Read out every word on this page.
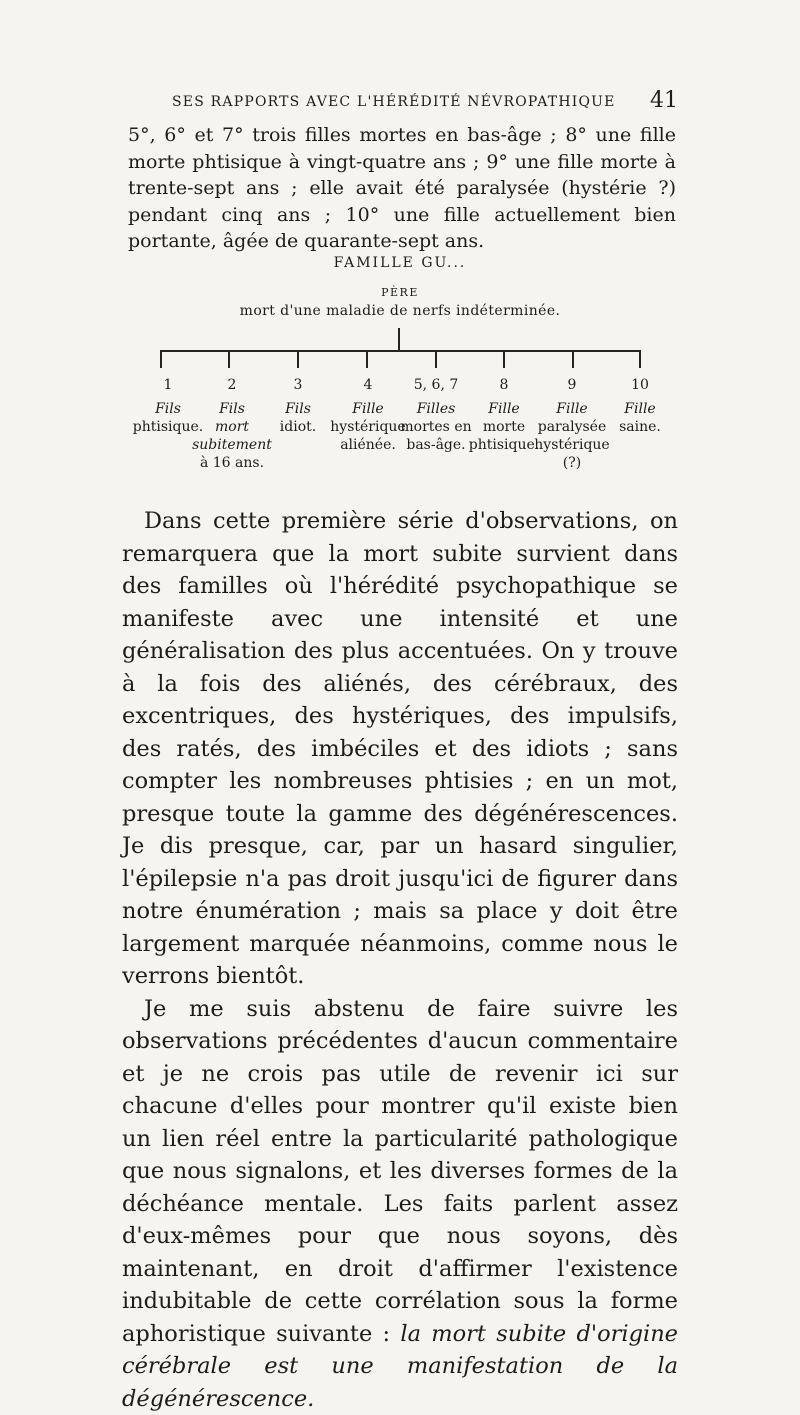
SES RAPPORTS AVEC L'HÉRÉDITÉ NÉVROPATHIQUE	41
5°, 6° et 7° trois filles mortes en bas-âge ; 8° une fille morte phtisique à vingt-quatre ans ; 9° une fille morte à trente-sept ans ; elle avait été paralysée (hystérie ?) pendant cinq ans ; 10° une fille actuellement bien portante, âgée de quarante-sept ans.
FAMILLE GU...
PÈRE
mort d'une maladie de nerfs indéterminée.
1
Fils
phtisique.
2
Fils
mort subitement à 16 ans.
3
Fils
idiot.
4
Fille
hystérique aliénée.
5, 6, 7
Filles
mortes en bas-âge.
8
Fille
morte phtisique.
9
Fille
paralysée hystérique (?)
10
Fille
saine.

Dans cette première série d'observations, on remarquera que la mort subite survient dans des familles où l'hérédité psychopathique se manifeste avec une intensité et une généralisation des plus accentuées. On y trouve à la fois des aliénés, des cérébraux, des excentriques, des hystériques, des impulsifs, des ratés, des imbéciles et des idiots ; sans compter les nombreuses phtisies ; en un mot, presque toute la gamme des dégénérescences. Je dis presque, car, par un hasard singulier, l'épilepsie n'a pas droit jusqu'ici de figurer dans notre énumération ; mais sa place y doit être largement marquée néanmoins, comme nous le verrons bientôt.

Je me suis abstenu de faire suivre les observations précédentes d'aucun commentaire et je ne crois pas utile de revenir ici sur chacune d'elles pour montrer qu'il existe bien un lien réel entre la particularité pathologique que nous signalons, et les diverses formes de la déchéance mentale. Les faits parlent assez d'eux-mêmes pour que nous soyons, dès maintenant, en droit d'affirmer l'existence indubitable de cette corrélation sous la forme aphoristique suivante : la mort subite d'origine cérébrale est une manifestation de la dégénérescence.
